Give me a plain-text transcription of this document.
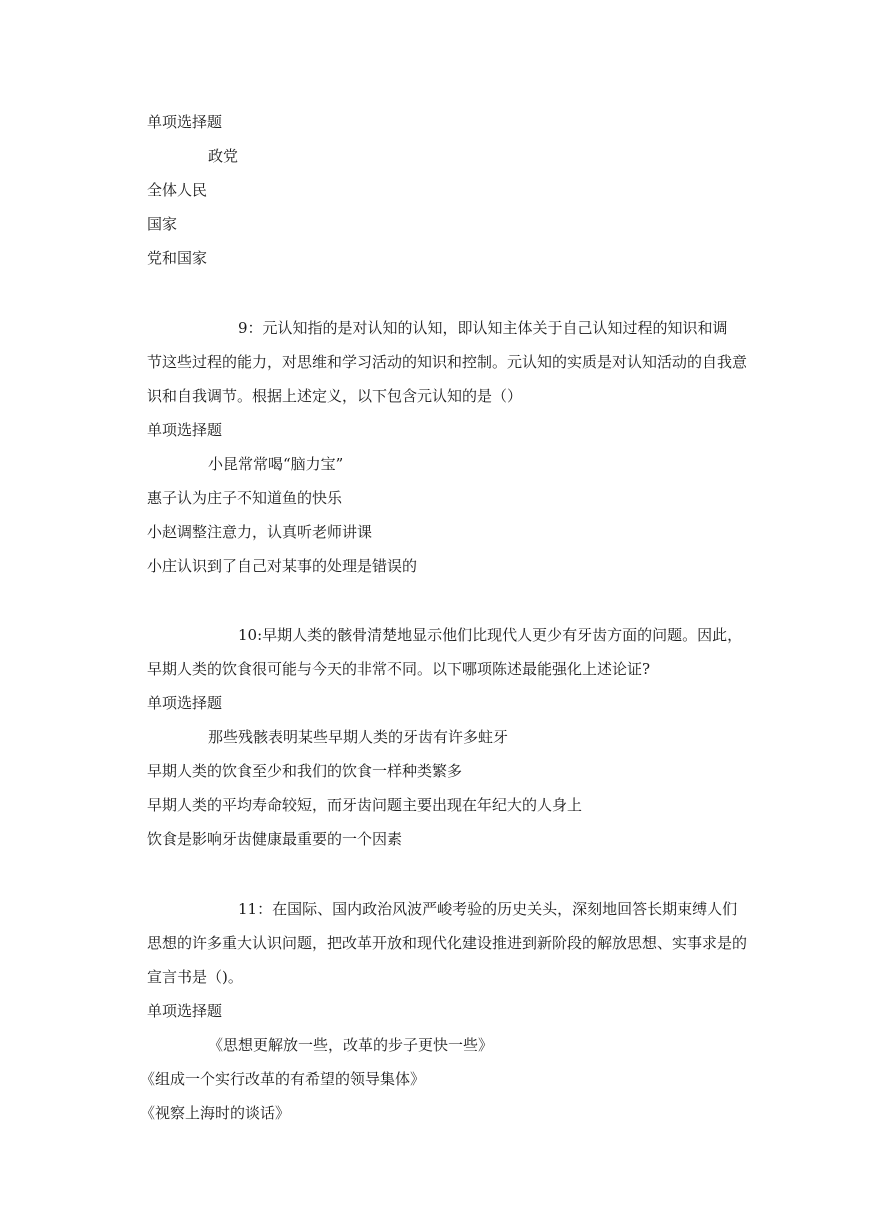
单项选择题
政党
全体人民
国家
党和国家
9：元认知指的是对认知的认知，即认知主体关于自己认知过程的知识和调
节这些过程的能力，对思维和学习活动的知识和控制。元认知的实质是对认知活动的自我意
识和自我调节。根据上述定义，以下包含元认知的是（）
单项选择题
小昆常常喝“脑力宝”
惠子认为庄子不知道鱼的快乐
小赵调整注意力，认真听老师讲课
小庄认识到了自己对某事的处理是错误的
10:早期人类的骸骨清楚地显示他们比现代人更少有牙齿方面的问题。因此，
早期人类的饮食很可能与今天的非常不同。以下哪项陈述最能强化上述论证?
单项选择题
那些残骸表明某些早期人类的牙齿有许多蛀牙
早期人类的饮食至少和我们的饮食一样种类繁多
早期人类的平均寿命较短，而牙齿问题主要出现在年纪大的人身上
饮食是影响牙齿健康最重要的一个因素
11：在国际、国内政治风波严峻考验的历史关头，深刻地回答长期束缚人们
思想的许多重大认识问题，把改革开放和现代化建设推进到新阶段的解放思想、实事求是的
宣言书是（)。
单项选择题
《思想更解放一些，改革的步子更快一些》
《组成一个实行改革的有希望的领导集体》
《视察上海时的谈话》
